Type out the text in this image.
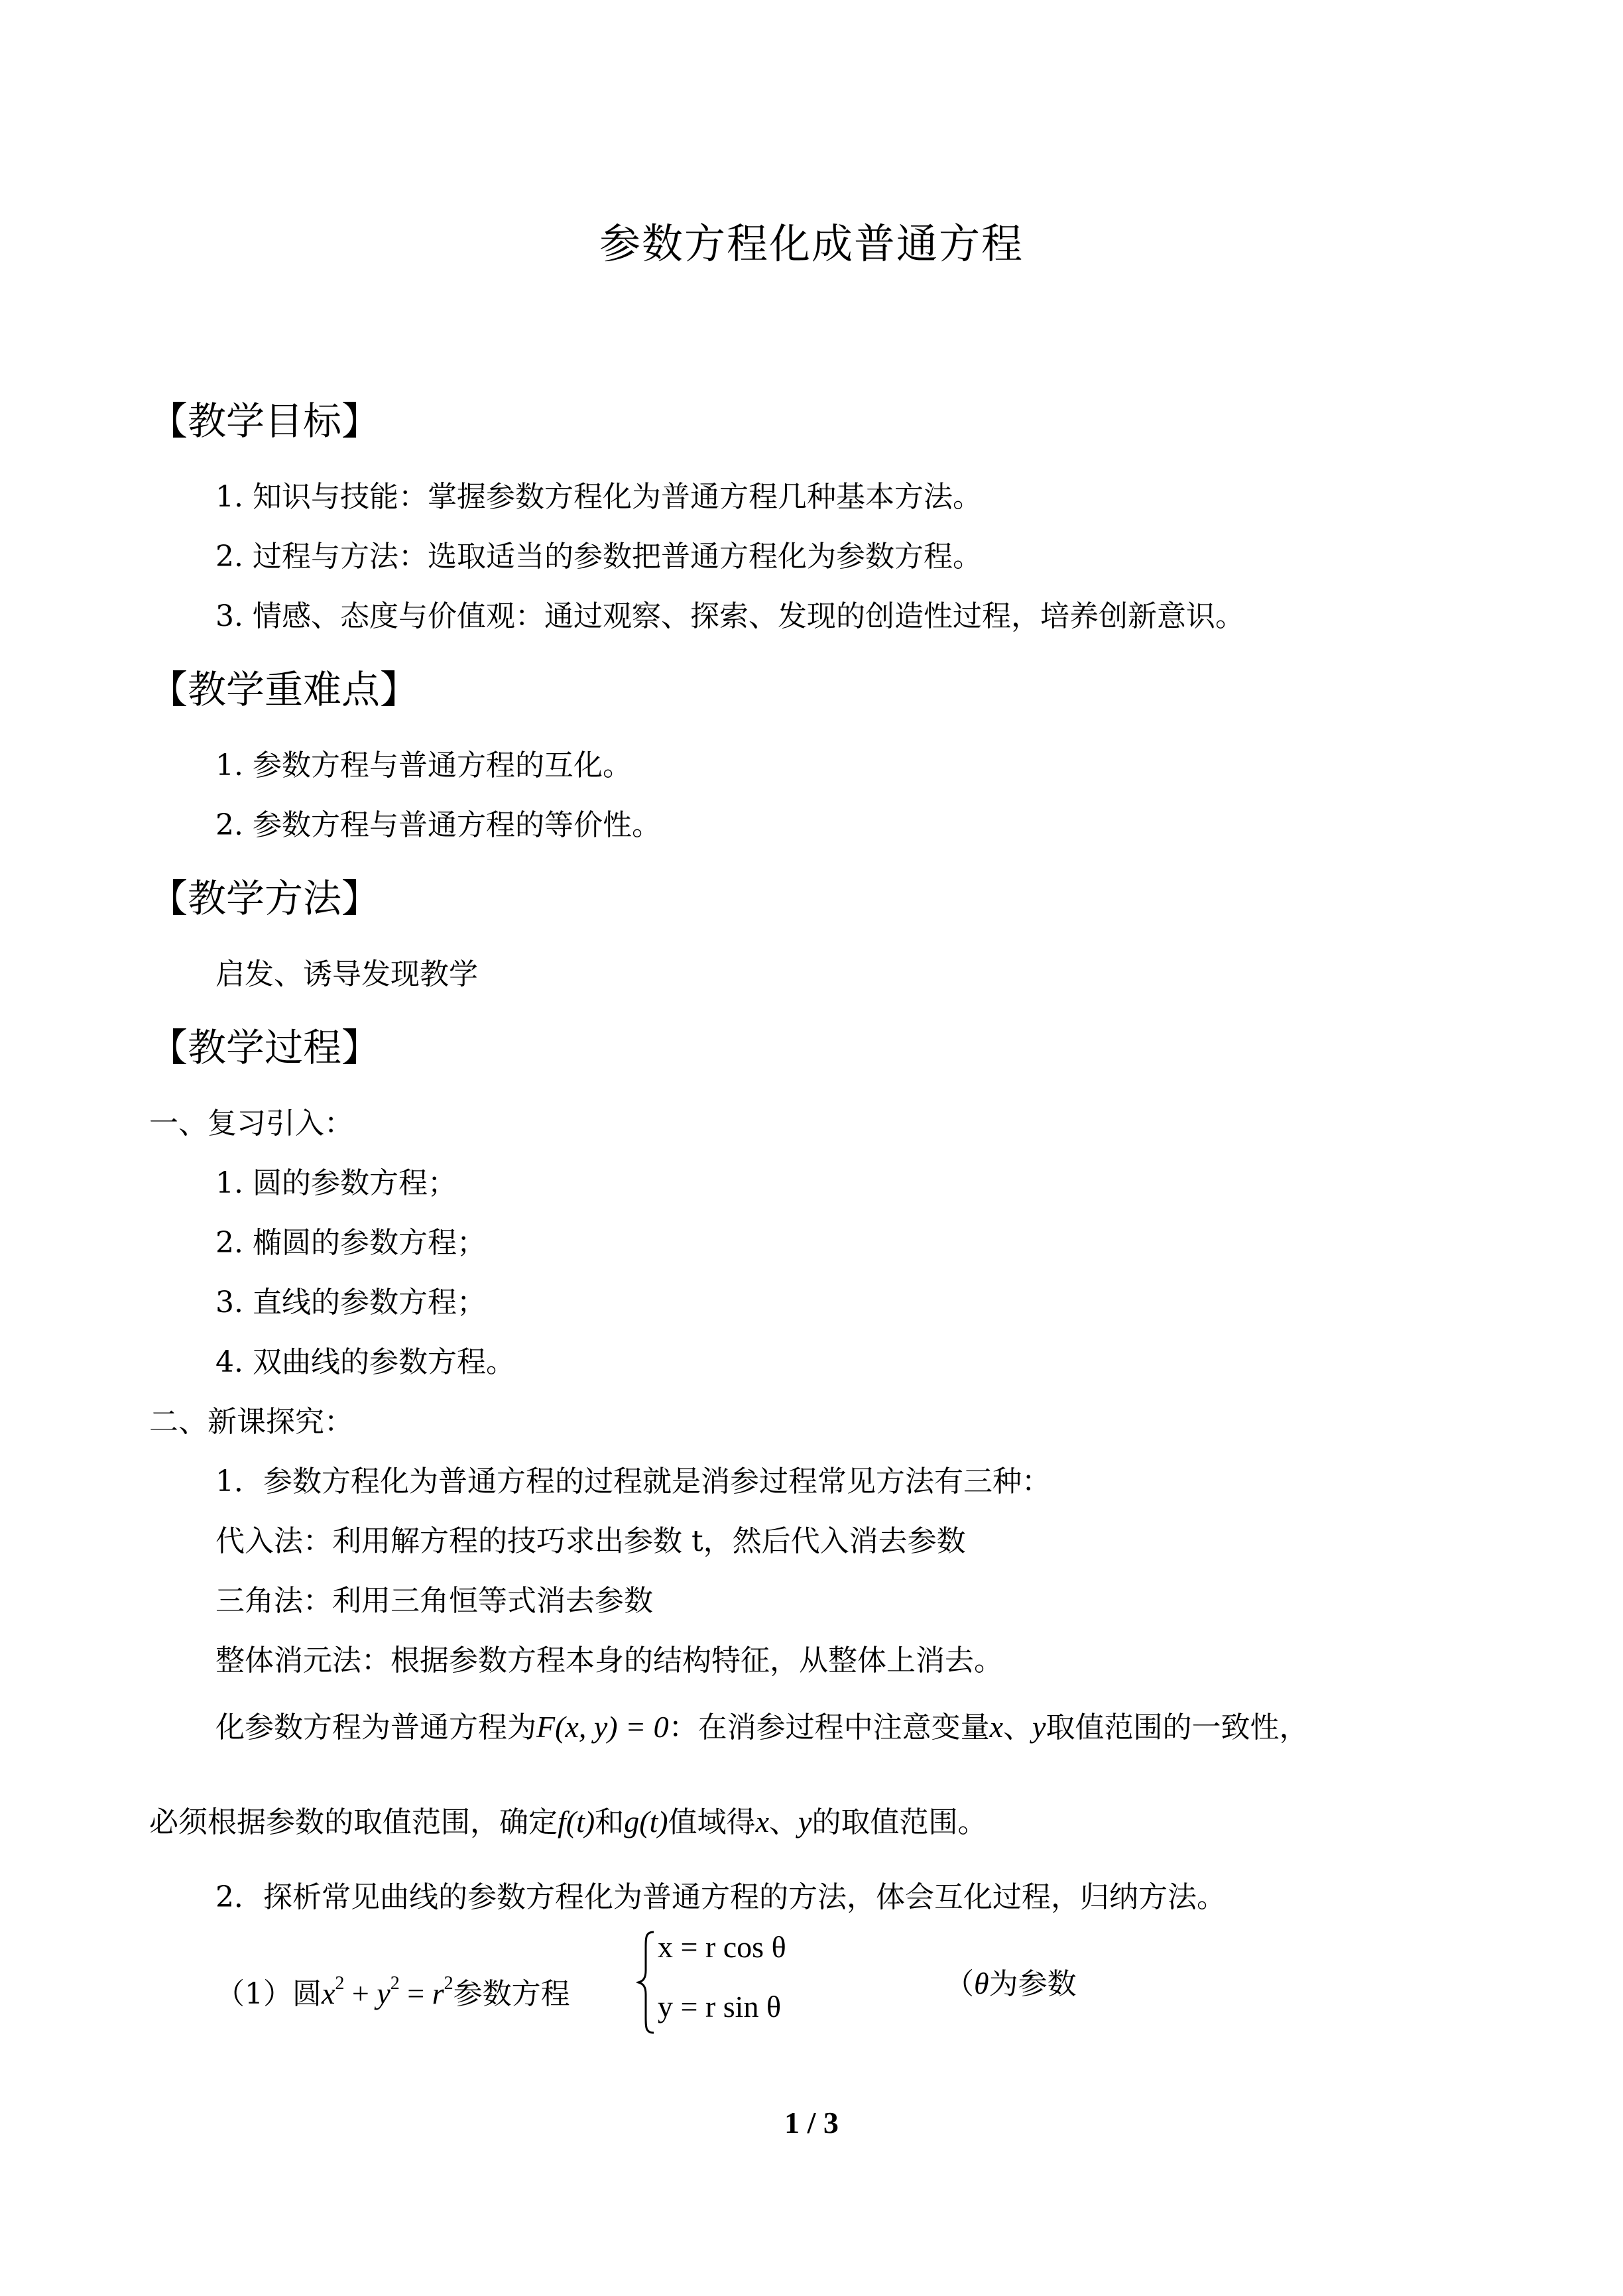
参数方程化成普通方程
【教学目标】
1. 知识与技能：掌握参数方程化为普通方程几种基本方法。
2. 过程与方法：选取适当的参数把普通方程化为参数方程。
3. 情感、态度与价值观：通过观察、探索、发现的创造性过程，培养创新意识。
【教学重难点】
1. 参数方程与普通方程的互化。
2. 参数方程与普通方程的等价性。
【教学方法】
启发、诱导发现教学
【教学过程】
一、复习引入：
1. 圆的参数方程；
2. 椭圆的参数方程；
3. 直线的参数方程；
4. 双曲线的参数方程。
二、新课探究：
1．参数方程化为普通方程的过程就是消参过程常见方法有三种：
代入法：利用解方程的技巧求出参数 t，然后代入消去参数
三角法：利用三角恒等式消去参数
整体消元法：根据参数方程本身的结构特征，从整体上消去。
化参数方程为普通方程为F(x, y) = 0：在消参过程中注意变量x、y取值范围的一致性，
必须根据参数的取值范围，确定f(t)和g(t)值域得x、y的取值范围。
2．探析常见曲线的参数方程化为普通方程的方法，体会互化过程，归纳方法。
（1）圆$x^2 + y^2 = r^2$参数方程
x = r cos θ
y = r sin θ
（θ为参数
1 / 3
